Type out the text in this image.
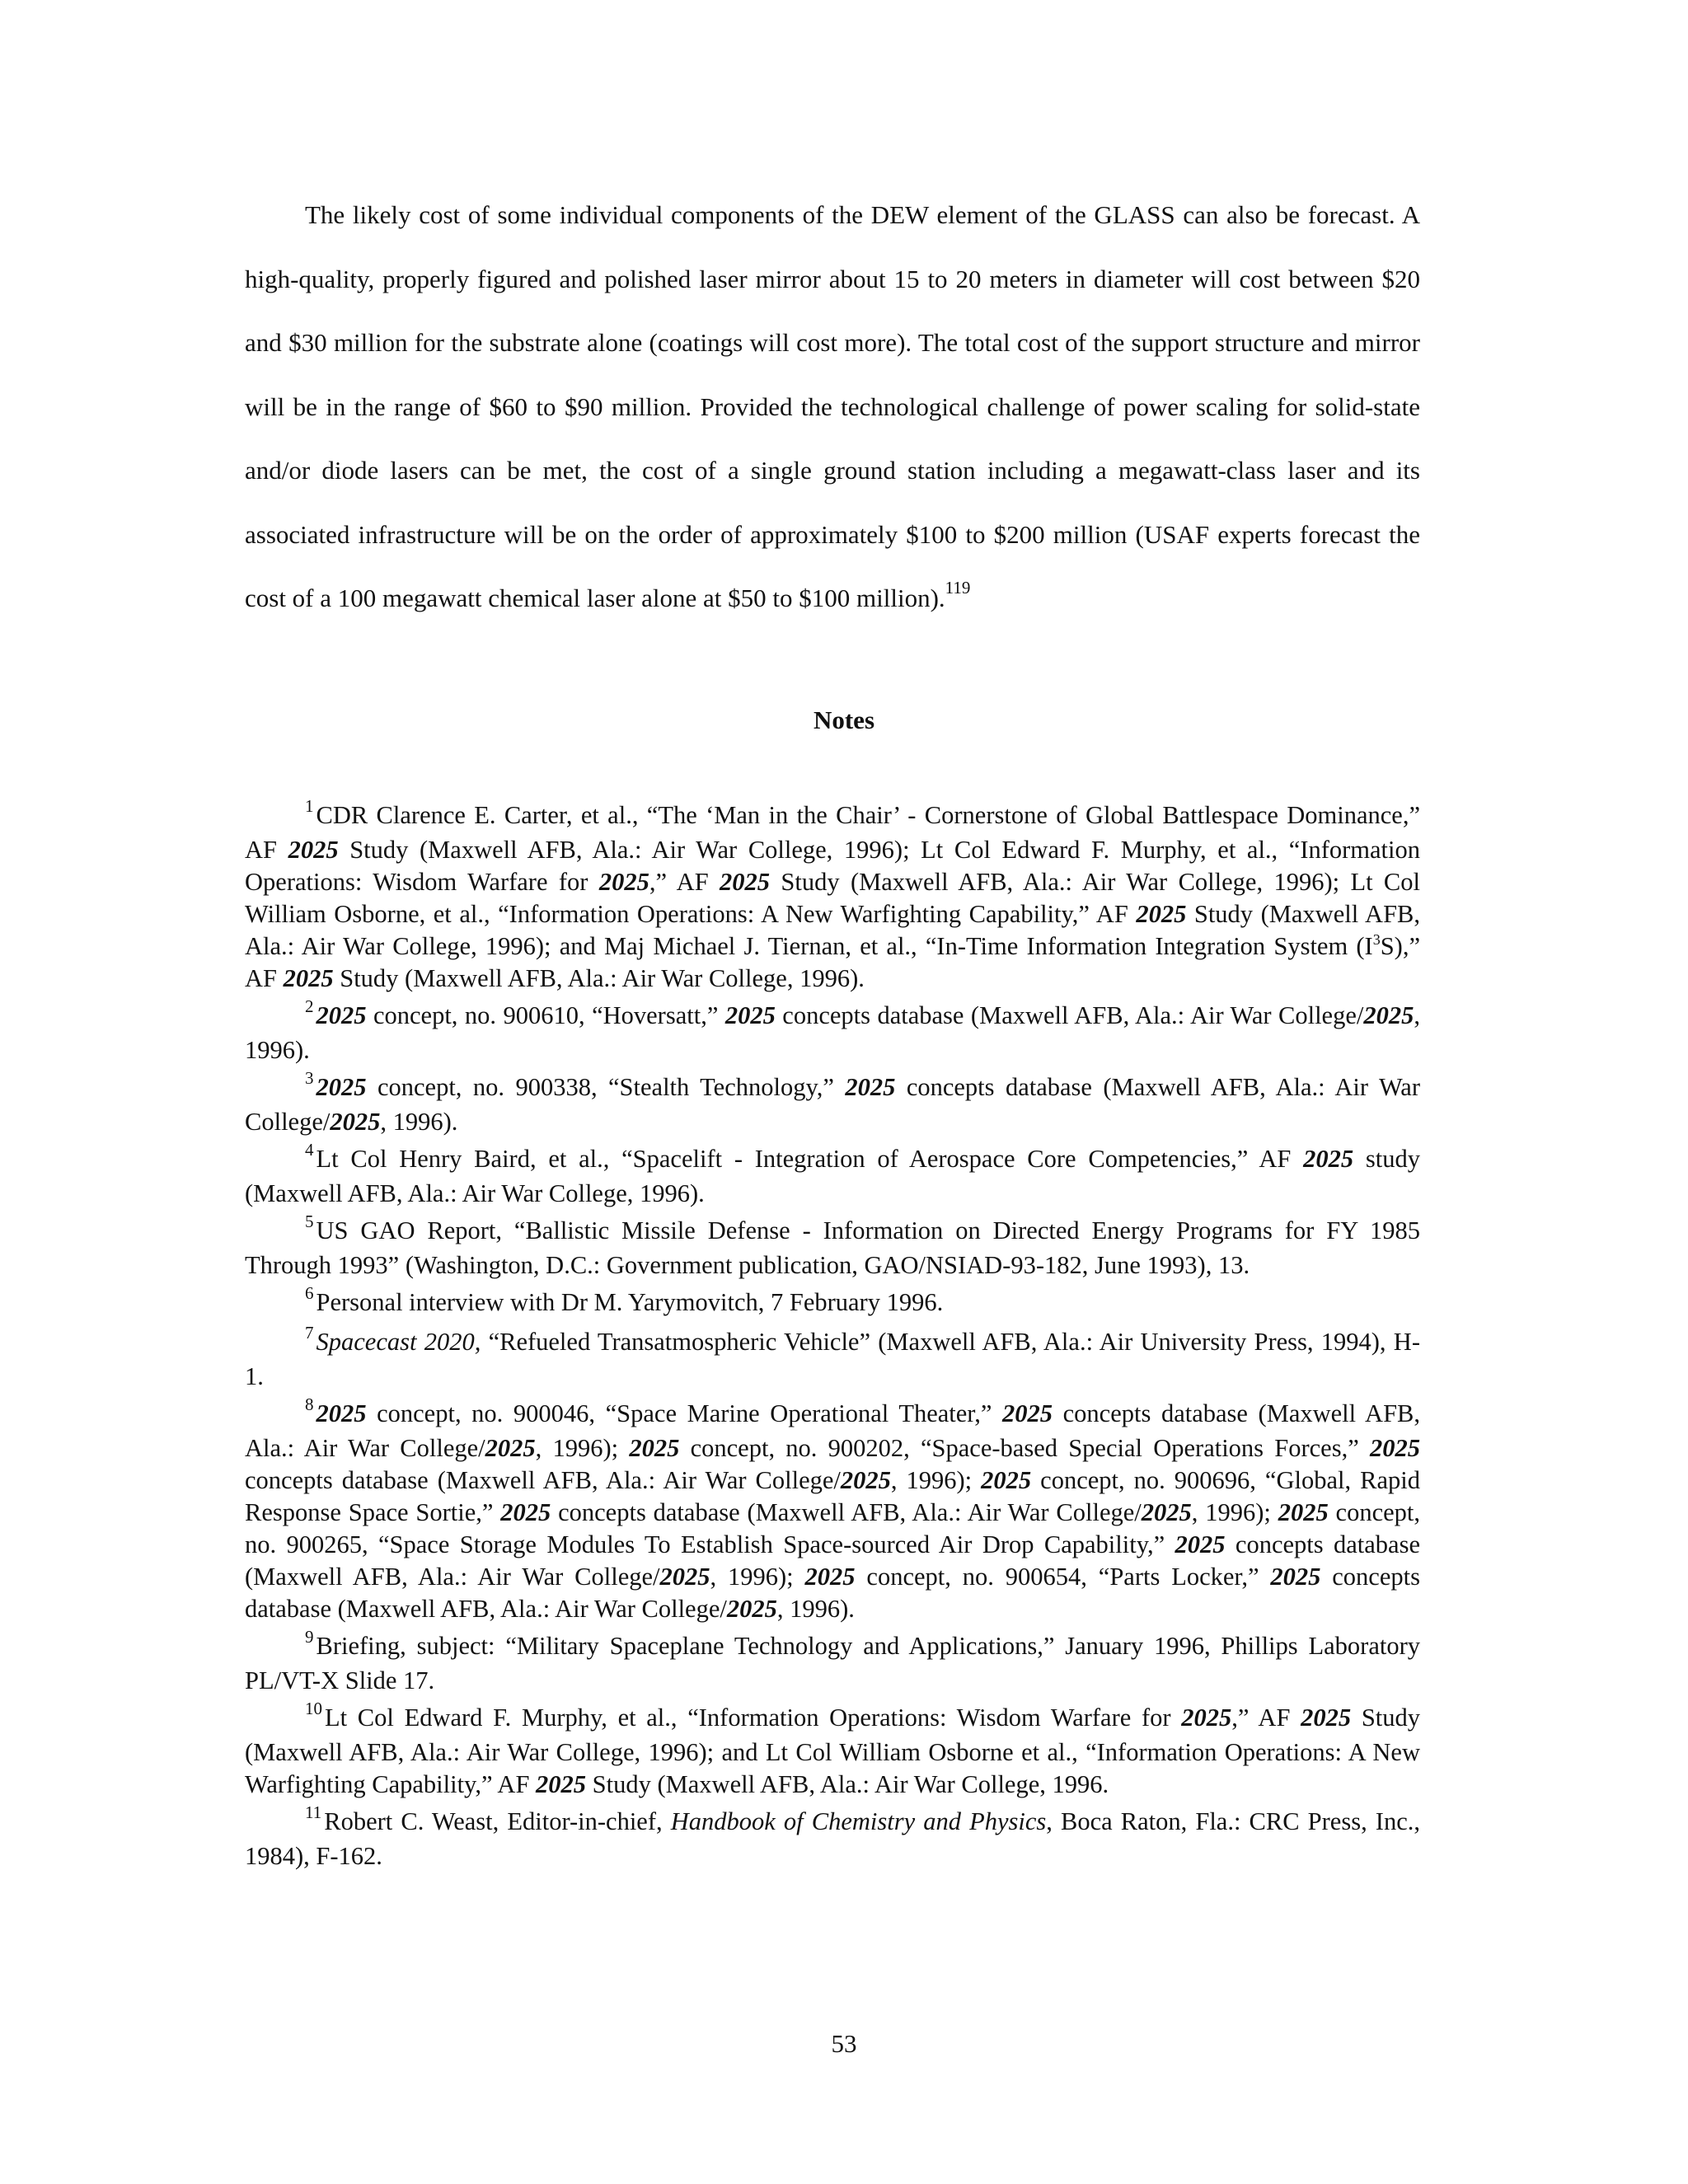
The likely cost of some individual components of the DEW element of the GLASS can also be forecast. A high-quality, properly figured and polished laser mirror about 15 to 20 meters in diameter will cost between $20 and $30 million for the substrate alone (coatings will cost more). The total cost of the support structure and mirror will be in the range of $60 to $90 million. Provided the technological challenge of power scaling for solid-state and/or diode lasers can be met, the cost of a single ground station including a megawatt-class laser and its associated infrastructure will be on the order of approximately $100 to $200 million (USAF experts forecast the cost of a 100 megawatt chemical laser alone at $50 to $100 million).$^{119}$

Notes

$^1$CDR Clarence E. Carter, et al., “The ‘Man in the Chair’ - Cornerstone of Global Battlespace Dominance,” AF 2025 Study (Maxwell AFB, Ala.: Air War College, 1996); Lt Col Edward F. Murphy, et al., “Information Operations: Wisdom Warfare for 2025,” AF 2025 Study (Maxwell AFB, Ala.: Air War College, 1996); Lt Col William Osborne, et al., “Information Operations: A New Warfighting Capability,” AF 2025 Study (Maxwell AFB, Ala.: Air War College, 1996); and Maj Michael J. Tiernan, et al., “In-Time Information Integration System $(I^3S)$,” AF 2025 Study (Maxwell AFB, Ala.: Air War College, 1996).

$^2$2025 concept, no. 900610, “Hoversatt,” 2025 concepts database (Maxwell AFB, Ala.: Air War College/2025, 1996).

$^3$2025 concept, no. 900338, “Stealth Technology,” 2025 concepts database (Maxwell AFB, Ala.: Air War College/2025, 1996).

$^4$Lt Col Henry Baird, et al., “Spacelift - Integration of Aerospace Core Competencies,” AF 2025 study (Maxwell AFB, Ala.: Air War College, 1996).

$^5$US GAO Report, “Ballistic Missile Defense - Information on Directed Energy Programs for FY 1985 Through 1993” (Washington, D.C.: Government publication, GAO/NSIAD-93-182, June 1993), 13.

$^6$Personal interview with Dr M. Yarymovitch, 7 February 1996.

$^7$Spacecast 2020, “Refueled Transatmospheric Vehicle” (Maxwell AFB, Ala.: Air University Press, 1994), H-1.

$^8$2025 concept, no. 900046, “Space Marine Operational Theater,” 2025 concepts database (Maxwell AFB, Ala.: Air War College/2025, 1996); 2025 concept, no. 900202, “Space-based Special Operations Forces,” 2025 concepts database (Maxwell AFB, Ala.: Air War College/2025, 1996); 2025 concept, no. 900696, “Global, Rapid Response Space Sortie,” 2025 concepts database (Maxwell AFB, Ala.: Air War College/2025, 1996); 2025 concept, no. 900265, “Space Storage Modules To Establish Space-sourced Air Drop Capability,” 2025 concepts database (Maxwell AFB, Ala.: Air War College/2025, 1996); 2025 concept, no. 900654, “Parts Locker,” 2025 concepts database (Maxwell AFB, Ala.: Air War College/2025, 1996).

$^9$Briefing, subject: “Military Spaceplane Technology and Applications,” January 1996, Phillips Laboratory PL/VT-X Slide 17.

$^{10}$Lt Col Edward F. Murphy, et al., “Information Operations: Wisdom Warfare for 2025,” AF 2025 Study (Maxwell AFB, Ala.: Air War College, 1996); and Lt Col William Osborne et al., “Information Operations: A New Warfighting Capability,” AF 2025 Study (Maxwell AFB, Ala.: Air War College, 1996.

$^{11}$Robert C. Weast, Editor-in-chief, Handbook of Chemistry and Physics, Boca Raton, Fla.: CRC Press, Inc., 1984), F-162.

53
